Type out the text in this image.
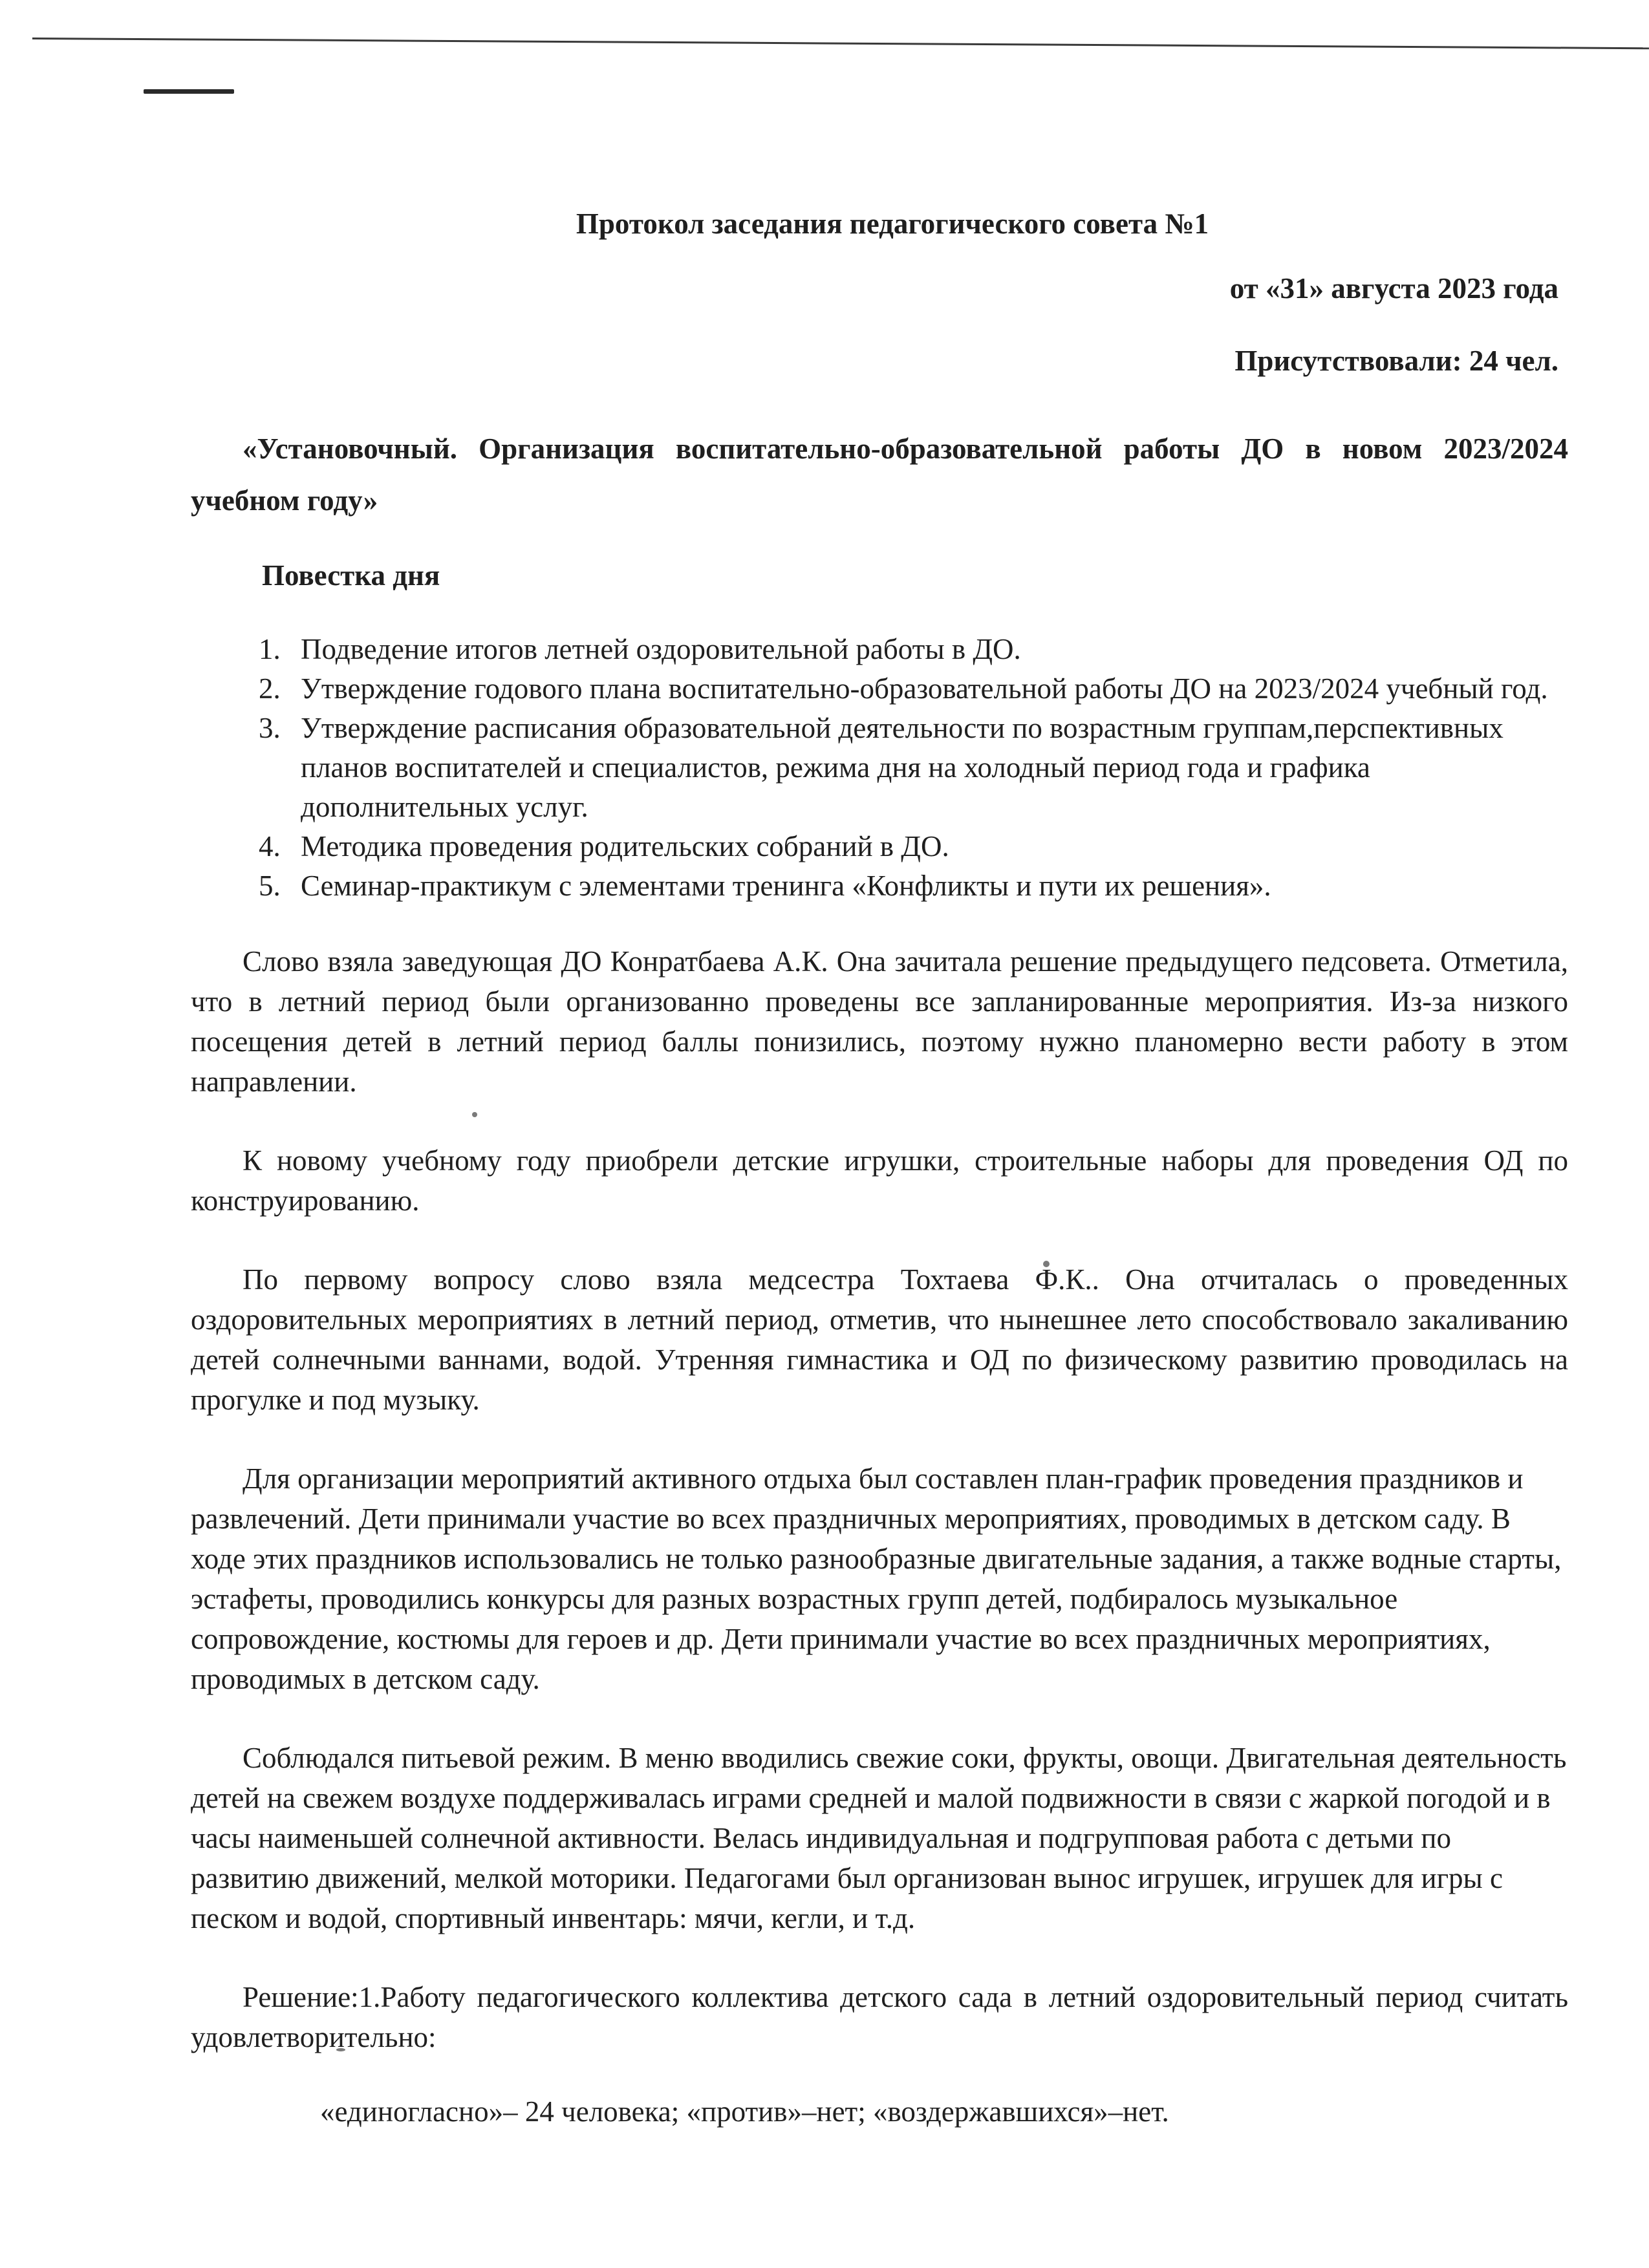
Протокол заседания педагогического совета №1
от «31» августа 2023 года
Присутствовали: 24 чел.
«Установочный. Организация воспитательно-образовательной работы ДО в новом 2023/2024 учебном году»
Повестка дня
1. Подведение итогов летней оздоровительной работы в ДО.
2. Утверждение годового плана воспитательно-образовательной работы ДО на 2023/2024 учебный год.
3. Утверждение расписания образовательной деятельности по возрастным группам,перспективных планов воспитателей и специалистов, режима дня на холодный период года и графика дополнительных услуг.
4. Методика проведения родительских собраний в ДО.
5. Семинар-практикум с элементами тренинга «Конфликты и пути их решения».

Слово взяла заведующая ДО Конратбаева А.К. Она зачитала решение предыдущего педсовета. Отметила, что в летний период были организованно проведены все запланированные мероприятия. Из-за низкого посещения детей в летний период баллы понизились, поэтому нужно планомерно вести работу в этом направлении.

К новому учебному году приобрели детские игрушки, строительные наборы для проведения ОД по конструированию.

По первому вопросу слово взяла медсестра Тохтаева Ф.К.. Она отчиталась о проведенных оздоровительных мероприятиях в летний период, отметив, что нынешнее лето способствовало закаливанию детей солнечными ваннами, водой. Утренняя гимнастика и ОД по физическому развитию проводилась на прогулке и под музыку.

Для организации мероприятий активного отдыха был составлен план-график проведения праздников и развлечений. Дети принимали участие во всех праздничных мероприятиях, проводимых в детском саду. В ходе этих праздников использовались не только разнообразные двигательные задания, а также водные старты, эстафеты, проводились конкурсы для разных возрастных групп детей, подбиралось музыкальное сопровождение, костюмы для героев и др. Дети принимали участие во всех праздничных мероприятиях, проводимых в детском саду.

Соблюдался питьевой режим. В меню вводились свежие соки, фрукты, овощи. Двигательная деятельность детей на свежем воздухе поддерживалась играми средней и малой подвижности в связи с жаркой погодой и в часы наименьшей солнечной активности. Велась индивидуальная и подгрупповая работа с детьми по развитию движений, мелкой моторики. Педагогами был организован вынос игрушек, игрушек для игры с песком и водой, спортивный инвентарь: мячи, кегли, и т.д.

Решение:1.Работу педагогического коллектива детского сада в летний оздоровительный период считать удовлетворительно:

«единогласно»– 24 человека; «против»–нет; «воздержавшихся»–нет.
